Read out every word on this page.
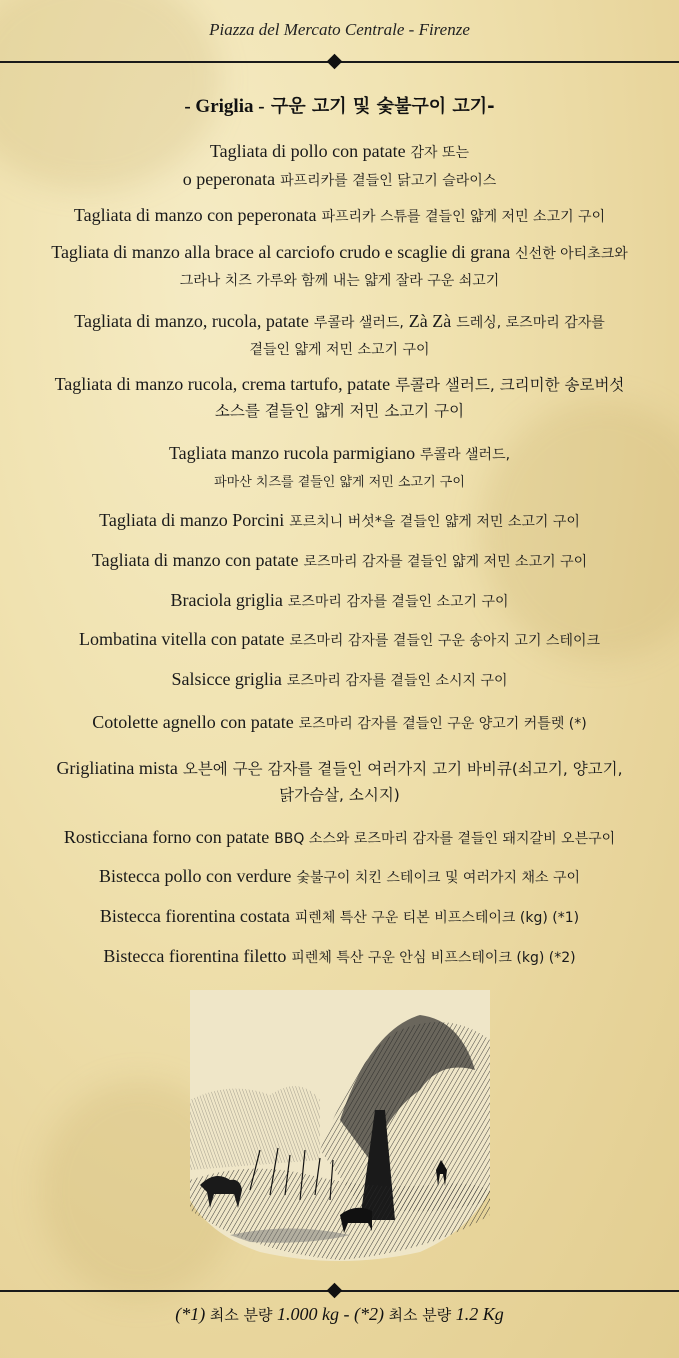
Piazza del Mercato Centrale - Firenze
- Griglia - 구운 고기 및 숯불구이 고기-
Tagliata di pollo con patate 감자 또는
o peperonata 파프리카를 곁들인 닭고기 슬라이스
Tagliata di manzo con peperonata 파프리카 스튜를 곁들인 얇게 저민 소고기 구이
Tagliata di manzo alla brace al carciofo crudo e scaglie di grana 신선한 아티초크와
그라나 치즈 가루와 함께 내는 얇게 잘라 구운 쇠고기
Tagliata di manzo, rucola, patate 루콜라 샐러드, Zà Zà 드레싱, 로즈마리 감자를
곁들인 얇게 저민 소고기 구이
Tagliata di manzo rucola, crema tartufo, patate 루콜라 샐러드, 크리미한 송로버섯
소스를 곁들인 얇게 저민 소고기 구이
Tagliata manzo rucola parmigiano 루콜라 샐러드,
파마산 치즈를 곁들인 얇게 저민 소고기 구이
Tagliata di manzo Porcini 포르치니 버섯*을 곁들인 얇게 저민 소고기 구이
Tagliata di manzo con patate 로즈마리 감자를 곁들인 얇게 저민 소고기 구이
Braciola griglia 로즈마리 감자를 곁들인 소고기 구이
Lombatina vitella con patate 로즈마리 감자를 곁들인 구운 송아지 고기 스테이크
Salsicce griglia 로즈마리 감자를 곁들인 소시지 구이
Cotolette agnello con patate 로즈마리 감자를 곁들인 구운 양고기 커틀렛 (*)
Grigliatina mista 오븐에 구은 감자를 곁들인 여러가지 고기 바비큐(쇠고기, 양고기,
닭가슴살, 소시지)
Rosticciana forno con patate BBQ 소스와 로즈마리 감자를 곁들인 돼지갈비 오븐구이
Bistecca pollo con verdure 숯불구이 치킨 스테이크 및 여러가지 채소 구이
Bistecca fiorentina costata 피렌체 특산 구운 티본 비프스테이크 (kg) (*1)
Bistecca fiorentina filetto 피렌체 특산 구운 안심 비프스테이크 (kg) (*2)
(*1) 최소 분량 1.000 kg - (*2) 최소 분량 1.2 Kg
